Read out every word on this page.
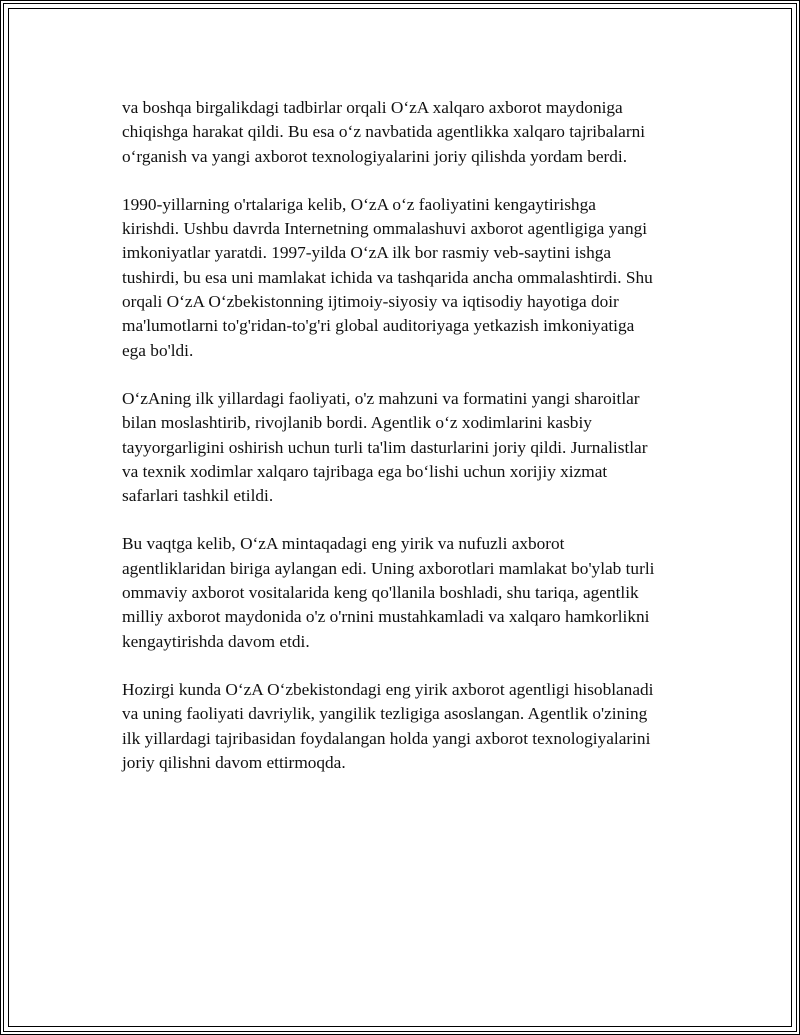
va boshqa birgalikdagi tadbirlar orqali O‘zA xalqaro axborot maydoniga
chiqishga harakat qildi. Bu esa o‘z navbatida agentlikka xalqaro tajribalarni
o‘rganish va yangi axborot texnologiyalarini joriy qilishda yordam berdi.

1990-yillarning o'rtalariga kelib, O‘zA o‘z faoliyatini kengaytirishga
kirishdi. Ushbu davrda Internetning ommalashuvi axborot agentligiga yangi
imkoniyatlar yaratdi. 1997-yilda O‘zA ilk bor rasmiy veb-saytini ishga
tushirdi, bu esa uni mamlakat ichida va tashqarida ancha ommalashtirdi. Shu
orqali O‘zA O‘zbekistonning ijtimoiy-siyosiy va iqtisodiy hayotiga doir
ma'lumotlarni to'g'ridan-to'g'ri global auditoriyaga yetkazish imkoniyatiga
ega bo'ldi.

O‘zAning ilk yillardagi faoliyati, o'z mahzuni va formatini yangi sharoitlar
bilan moslashtirib, rivojlanib bordi. Agentlik o‘z xodimlarini kasbiy
tayyorgarligini oshirish uchun turli ta'lim dasturlarini joriy qildi. Jurnalistlar
va texnik xodimlar xalqaro tajribaga ega bo‘lishi uchun xorijiy xizmat
safarlari tashkil etildi.

Bu vaqtga kelib, O‘zA mintaqadagi eng yirik va nufuzli axborot
agentliklaridan biriga aylangan edi. Uning axborotlari mamlakat bo'ylab turli
ommaviy axborot vositalarida keng qo'llanila boshladi, shu tariqa, agentlik
milliy axborot maydonida o'z o'rnini mustahkamladi va xalqaro hamkorlikni
kengaytirishda davom etdi.

Hozirgi kunda O‘zA O‘zbekistondagi eng yirik axborot agentligi hisoblanadi
va uning faoliyati davriylik, yangilik tezligiga asoslangan. Agentlik o'zining
ilk yillardagi tajribasidan foydalangan holda yangi axborot texnologiyalarini
joriy qilishni davom ettirmoqda.
